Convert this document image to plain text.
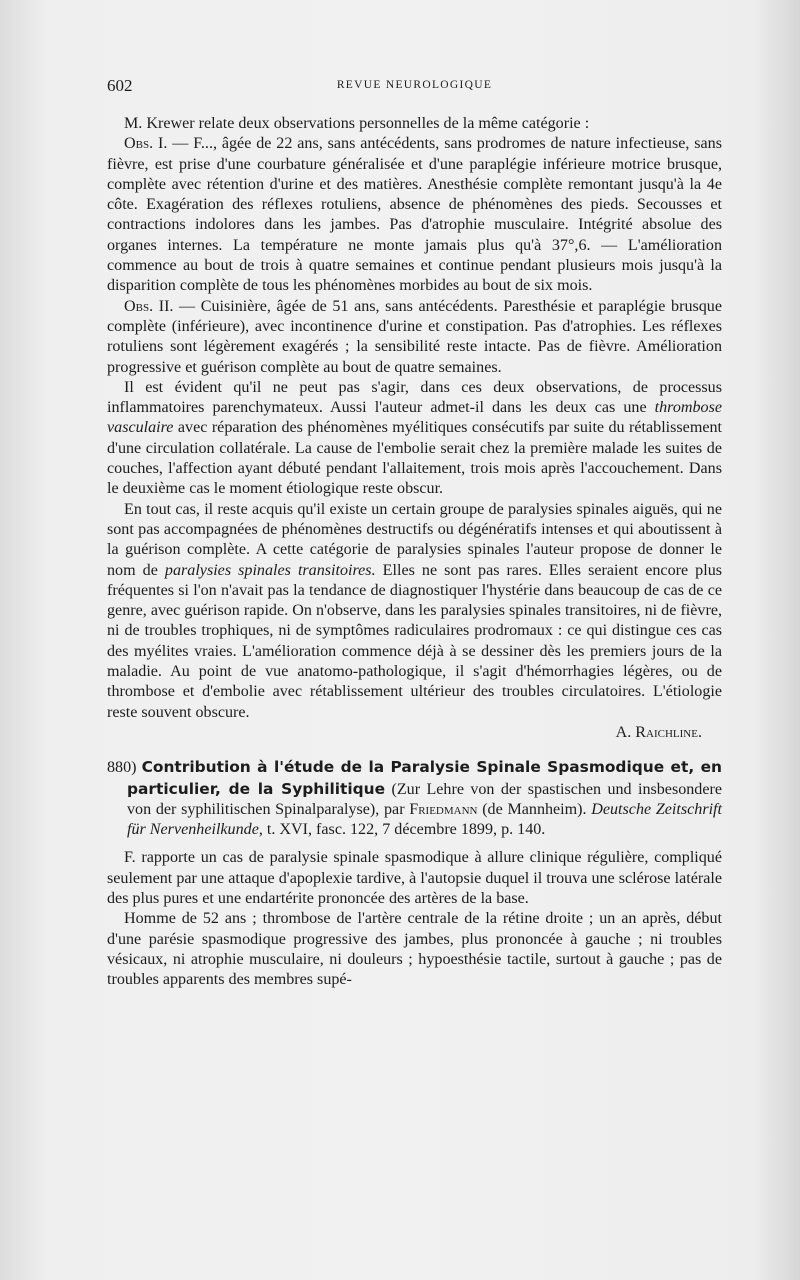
602	REVUE NEUROLOGIQUE

M. Krewer relate deux observations personnelles de la même catégorie :

Obs. I. — F..., âgée de 22 ans, sans antécédents, sans prodromes de nature infectieuse, sans fièvre, est prise d'une courbature généralisée et d'une paraplégie inférieure motrice brusque, complète avec rétention d'urine et des matières. Anesthésie complète remontant jusqu'à la 4e côte. Exagération des réflexes rotuliens, absence de phénomènes des pieds. Secousses et contractions indolores dans les jambes. Pas d'atrophie musculaire. Intégrité absolue des organes internes. La température ne monte jamais plus qu'à 37°,6. — L'amélioration commence au bout de trois à quatre semaines et continue pendant plusieurs mois jusqu'à la disparition complète de tous les phénomènes morbides au bout de six mois.

Obs. II. — Cuisinière, âgée de 51 ans, sans antécédents. Paresthésie et paraplégie brusque complète (inférieure), avec incontinence d'urine et constipation. Pas d'atrophies. Les réflexes rotuliens sont légèrement exagérés ; la sensibilité reste intacte. Pas de fièvre. Amélioration progressive et guérison complète au bout de quatre semaines.

Il est évident qu'il ne peut pas s'agir, dans ces deux observations, de processus inflammatoires parenchymateux. Aussi l'auteur admet-il dans les deux cas une thrombose vasculaire avec réparation des phénomènes myélitiques consécutifs par suite du rétablissement d'une circulation collatérale. La cause de l'embolie serait chez la première malade les suites de couches, l'affection ayant débuté pendant l'allaitement, trois mois après l'accouchement. Dans le deuxième cas le moment étiologique reste obscur.

En tout cas, il reste acquis qu'il existe un certain groupe de paralysies spinales aiguës, qui ne sont pas accompagnées de phénomènes destructifs ou dégénératifs intenses et qui aboutissent à la guérison complète. A cette catégorie de paralysies spinales l'auteur propose de donner le nom de paralysies spinales transitoires. Elles ne sont pas rares. Elles seraient encore plus fréquentes si l'on n'avait pas la tendance de diagnostiquer l'hystérie dans beaucoup de cas de ce genre, avec guérison rapide. On n'observe, dans les paralysies spinales transitoires, ni de fièvre, ni de troubles trophiques, ni de symptômes radiculaires prodromaux : ce qui distingue ces cas des myélites vraies. L'amélioration commence déjà à se dessiner dès les premiers jours de la maladie. Au point de vue anatomo-pathologique, il s'agit d'hémorrhagies légères, ou de thrombose et d'embolie avec rétablissement ultérieur des troubles circulatoires. L'étiologie reste souvent obscure.

A. Raichline.

880) Contribution à l'étude de la Paralysie Spinale Spasmodique et, en particulier, de la Syphilitique (Zur Lehre von der spastischen und insbesondere von der syphilitischen Spinalparalyse), par Friedmann (de Mannheim). Deutsche Zeitschrift für Nervenheilkunde, t. XVI, fasc. 122, 7 décembre 1899, p. 140.

F. rapporte un cas de paralysie spinale spasmodique à allure clinique régulière, compliqué seulement par une attaque d'apoplexie tardive, à l'autopsie duquel il trouva une sclérose latérale des plus pures et une endartérite prononcée des artères de la base.

Homme de 52 ans ; thrombose de l'artère centrale de la rétine droite ; un an après, début d'une parésie spasmodique progressive des jambes, plus prononcée à gauche ; ni troubles vésicaux, ni atrophie musculaire, ni douleurs ; hypoesthésie tactile, surtout à gauche ; pas de troubles apparents des membres supé-
